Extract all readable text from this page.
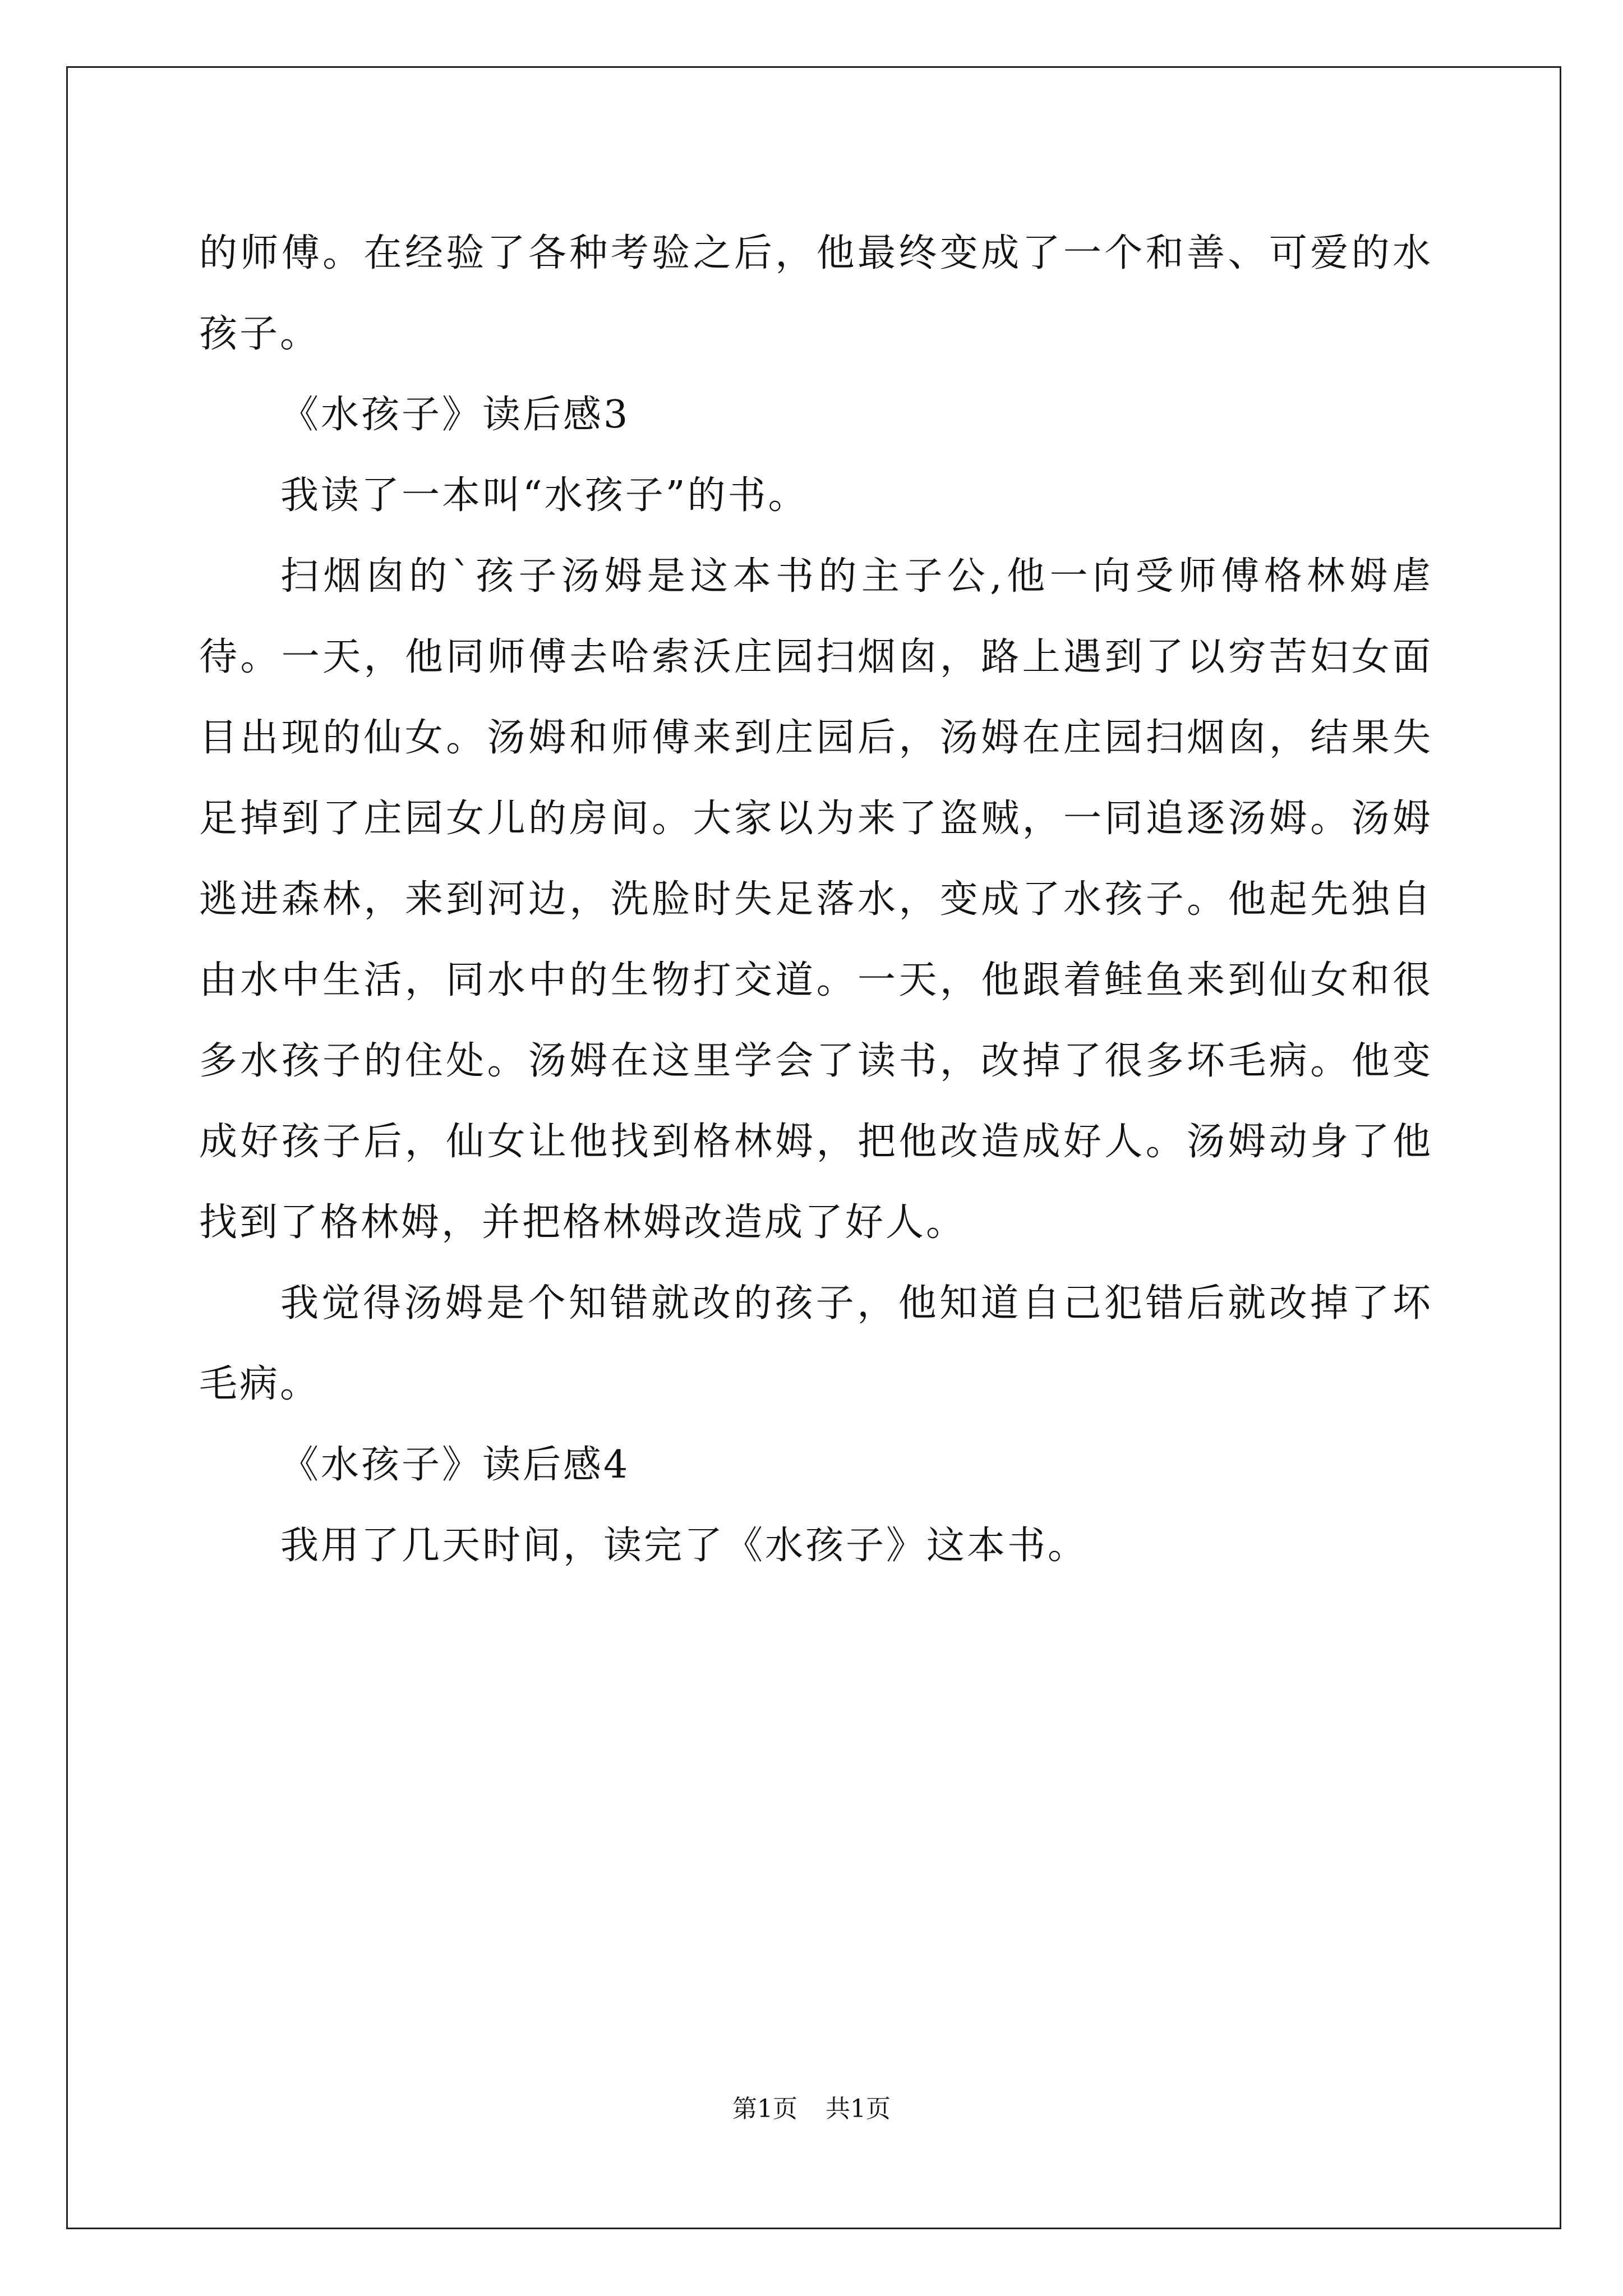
的师傅。在经验了各种考验之后，他最终变成了一个和善、可爱的水孩子。

《水孩子》读后感3

我读了一本叫“水孩子”的书。

扫烟囱的`孩子汤姆是这本书的主子公,他一向受师傅格林姆虐待。一天，他同师傅去哈索沃庄园扫烟囱，路上遇到了以穷苦妇女面目出现的仙女。汤姆和师傅来到庄园后，汤姆在庄园扫烟囱，结果失足掉到了庄园女儿的房间。大家以为来了盗贼，一同追逐汤姆。汤姆逃进森林，来到河边，洗脸时失足落水，变成了水孩子。他起先独自由水中生活，同水中的生物打交道。一天，他跟着鲑鱼来到仙女和很多水孩子的住处。汤姆在这里学会了读书，改掉了很多坏毛病。他变成好孩子后，仙女让他找到格林姆，把他改造成好人。汤姆动身了他找到了格林姆，并把格林姆改造成了好人。

我觉得汤姆是个知错就改的孩子，他知道自己犯错后就改掉了坏毛病。

《水孩子》读后感4

我用了几天时间，读完了《水孩子》这本书。

第1页 共1页
